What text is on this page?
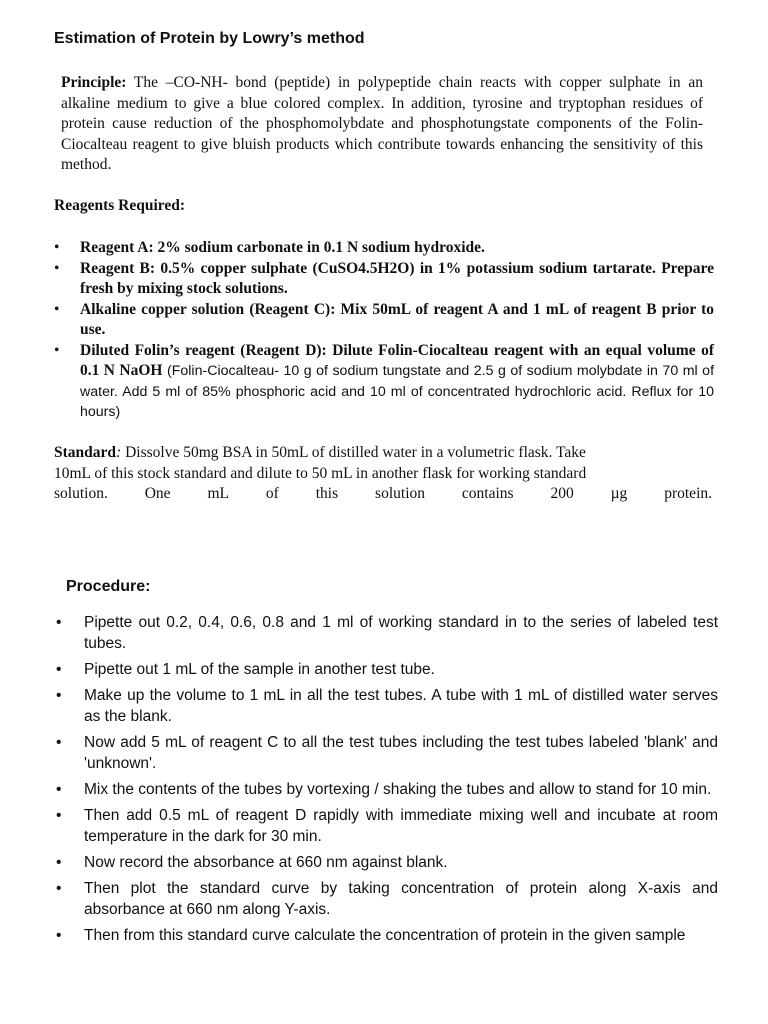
Estimation of Protein by Lowry’s method

Principle: The –CO-NH- bond (peptide) in polypeptide chain reacts with copper sulphate in an alkaline medium to give a blue colored complex. In addition, tyrosine and tryptophan residues of protein cause reduction of the phosphomolybdate and phosphotungstate components of the Folin-Ciocalteau reagent to give bluish products which contribute towards enhancing the sensitivity of this method.

Reagents Required:
•	Reagent A: 2% sodium carbonate in 0.1 N sodium hydroxide.
•	Reagent B: 0.5% copper sulphate (CuSO4.5H2O) in 1% potassium sodium tartarate. Prepare fresh by mixing stock solutions.
•	Alkaline copper solution (Reagent C): Mix 50mL of reagent A and 1 mL of reagent B prior to use.
•	Diluted Folin’s reagent (Reagent D): Dilute Folin-Ciocalteau reagent with an equal volume of 0.1 N NaOH (Folin-Ciocalteau- 10 g of sodium tungstate and 2.5 g of sodium molybdate in 70 ml of water. Add 5 ml of 85% phosphoric acid and 10 ml of concentrated hydrochloric acid. Reflux for 10 hours)
Standard: Dissolve 50mg BSA in 50mL of distilled water in a volumetric flask. Take
10mL of this stock standard and dilute to 50 mL in another flask for working standard
solution. One mL of this solution contains 200 µg protein.
Procedure:
•	Pipette out 0.2, 0.4, 0.6, 0.8 and 1 ml of working standard in to the series of labeled test tubes.
•	Pipette out 1 mL of the sample in another test tube.
•	Make up the volume to 1 mL in all the test tubes. A tube with 1 mL of distilled water serves as the blank.
•	Now add 5 mL of reagent C to all the test tubes including the test tubes labeled 'blank' and 'unknown'.
•	Mix the contents of the tubes by vortexing / shaking the tubes and allow to stand for 10 min.
•	Then add 0.5 mL of reagent D rapidly with immediate mixing well and incubate at room temperature in the dark for 30 min.
•	Now record the absorbance at 660 nm against blank.
•	Then plot the standard curve by taking concentration of protein along X-axis and absorbance at 660 nm along Y-axis.
•	Then from this standard curve calculate the concentration of protein in the given sample
